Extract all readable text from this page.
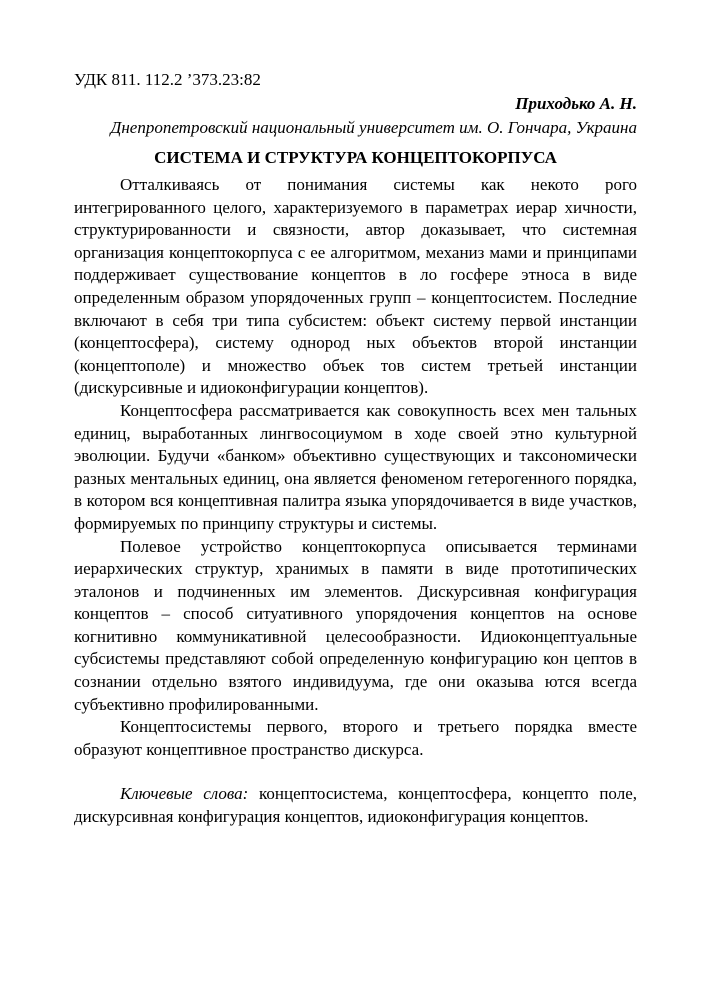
УДК 811. 112.2 ’373.23:82

Приходько А. Н.

Днепропетровский национальный университет им. О. Гончара, Украина

СИСТЕМА И СТРУКТУРА КОНЦЕПТОКОРПУСА

Отталкиваясь от понимания системы как некото рого интегрированного целого, характеризуемого в параметрах иерар хичности, структурированности и связности, автор доказывает, что системная организация концептокорпуса с ее алгоритмом, механиз мами и принципами поддерживает существование концептов в ло госфере этноса в виде определенным образом упорядоченных групп – концептосистем. Последние включают в себя три типа субсистем: объект систему первой инстанции (концептосфера), систему однород ных объектов второй инстанции (концептополе) и множество объек тов систем третьей инстанции (дискурсивные и идиоконфигурации концептов).

Концептосфера рассматривается как совокупность всех мен тальных единиц, выработанных лингвосоциумом в ходе своей этно культурной эволюции. Будучи «банком» объективно существующих и таксономически разных ментальных единиц, она является феноменом гетерогенного порядка, в котором вся концептивная палитра языка упорядочивается в виде участков, формируемых по принципу структуры и системы.

Полевое устройство концептокорпуса описывается терминами иерархических структур, хранимых в памяти в виде прототипических эталонов и подчиненных им элементов. Дискурсивная конфигурация концептов – способ ситуативного упорядочения концептов на основе когнитивно коммуникативной целесообразности. Идиоконцептуальные субсистемы представляют собой определенную конфигурацию кон цептов в сознании отдельно взятого индивидуума, где они оказыва ются всегда субъективно профилированными.

Концептосистемы первого, второго и третьего порядка вместе образуют концептивное пространство дискурса.

Ключевые слова: концептосистема, концептосфера, концепто поле, дискурсивная конфигурация концептов, идиоконфигурация концептов.
